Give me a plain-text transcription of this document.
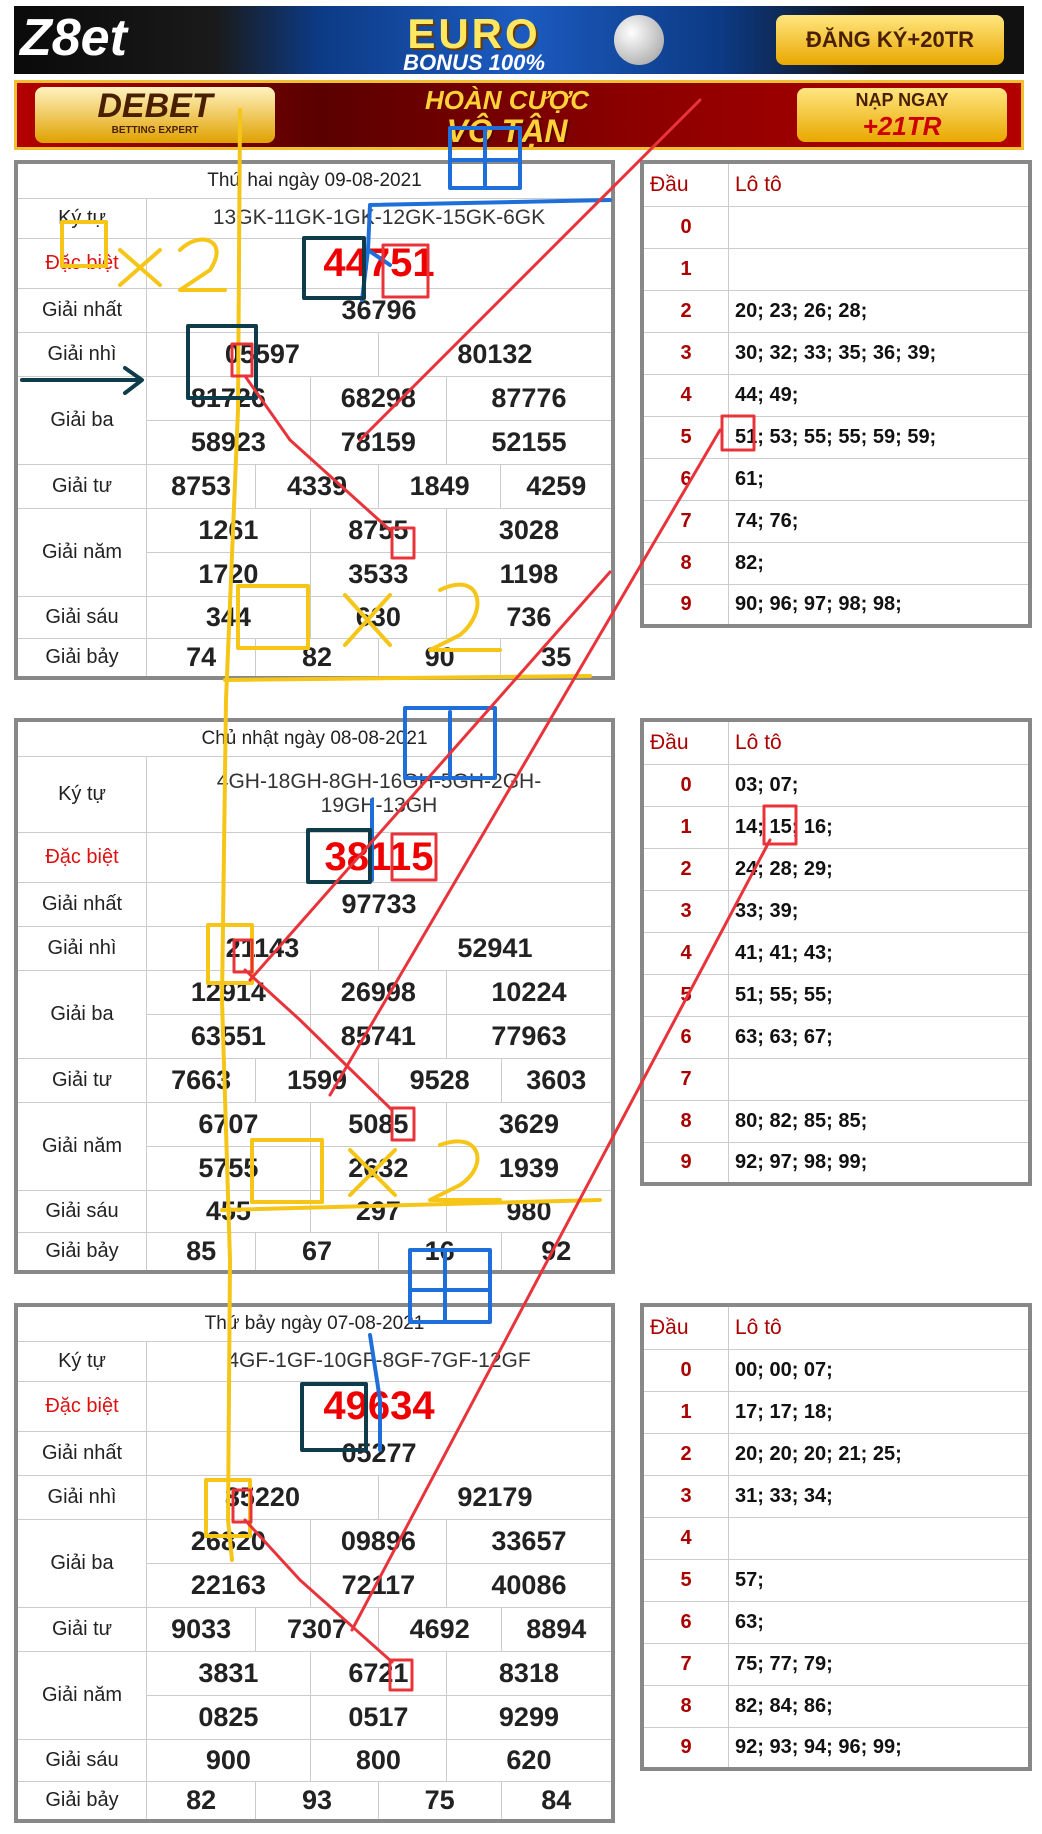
Z8et	EURO
BONUS 100%
ĐĂNG KÝ+20TR
DEBET
BETTING EXPERT
HOÀN CƯỢC
VÔ TẬN
NẠP NGAY
+21TR
Thứ hai ngày 09-08-2021						
Ký tự	13GK-11GK-1GK-12GK-15GK-6GK					
Đặc biệt	44751					
Giải nhất	36796					
Giải nhì	05597			80132		
Giải ba	81726		68298		87776	
	58923		78159		52155	
Giải tư	8753	4339		1849		4259
Giải năm	1261		8755		3028	
	1720		3533		1198	
Giải sáu	344		630		736	
Giải bảy	74	82		90		35
Đầu	Lô tô
0	
1	
2	20; 23; 26; 28;
3	30; 32; 33; 35; 36; 39;
4	44; 49;
5	51; 53; 55; 55; 59; 59;
6	61;
7	74; 76;
8	82;
9	90; 96; 97; 98; 98;
Chủ nhật ngày 08-08-2021						
Ký tự	4GH-18GH-8GH-16GH-5GH-2GH-19GH-13GH					
Đặc biệt	38115					
Giải nhất	97733					
Giải nhì	21143			52941		
Giải ba	12914		26998		10224	
	63551		85741		77963	
Giải tư	7663	1599		9528		3603
Giải năm	6707		5085		3629	
	5755		2632		1939	
Giải sáu	455		297		980	
Giải bảy	85	67		16		92
Đầu	Lô tô
0	03; 07;
1	14; 15; 16;
2	24; 28; 29;
3	33; 39;
4	41; 41; 43;
5	51; 55; 55;
6	63; 63; 67;
7	
8	80; 82; 85; 85;
9	92; 97; 98; 99;
Thứ bảy ngày 07-08-2021						
Ký tự	4GF-1GF-10GF-8GF-7GF-12GF					
Đặc biệt	49634					
Giải nhất	05277					
Giải nhì	85220			92179		
Giải ba	26820		09896		33657	
	22163		72117		40086	
Giải tư	9033	7307		4692		8894
Giải năm	3831		6721		8318	
	0825		0517		9299	
Giải sáu	900		800		620	
Giải bảy	82	93		75		84
Đầu	Lô tô
0	00; 00; 07;
1	17; 17; 18;
2	20; 20; 20; 21; 25;
3	31; 33; 34;
4	
5	57;
6	63;
7	75; 77; 79;
8	82; 84; 86;
9	92; 93; 94; 96; 99;
